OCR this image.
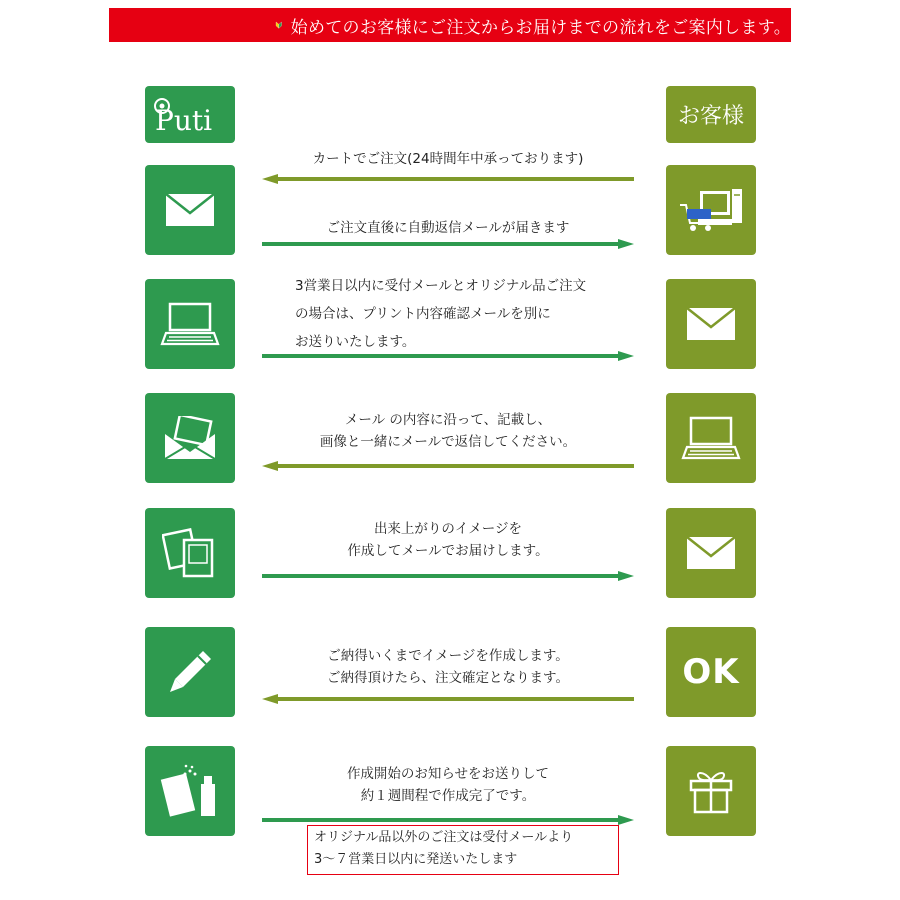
始めてのお客様にご注文からお届けまでの流れをご案内します。
Puti	お客様
OK
カートでご注文(24時間年中承っております)
ご注文直後に自動返信メールが届きます
3営業日以内に受付メールとオリジナル品ご注文
の場合は、プリント内容確認メールを別に
お送りいたします。
メール の内容に沿って、記載し、
画像と一緒にメールで返信してください。
出来上がりのイメージを
作成してメールでお届けします。
ご納得いくまでイメージを作成します。
ご納得頂けたら、注文確定となります。
作成開始のお知らせをお送りして
約１週間程で作成完了です。
オリジナル品以外のご注文は受付メールより
3～７営業日以内に発送いたします
